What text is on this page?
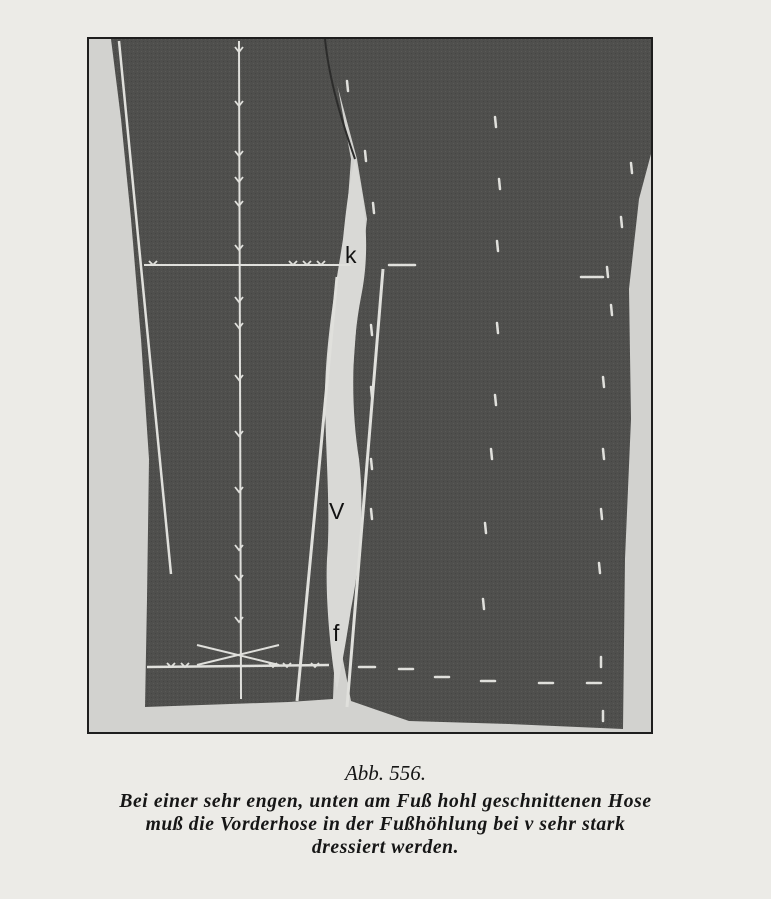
k
V
f
Abb. 556.
Bei einer sehr engen, unten am Fuß hohl geschnittenen Hose
muß die Vorderhose in der Fußhöhlung bei v sehr stark
dressiert werden.
